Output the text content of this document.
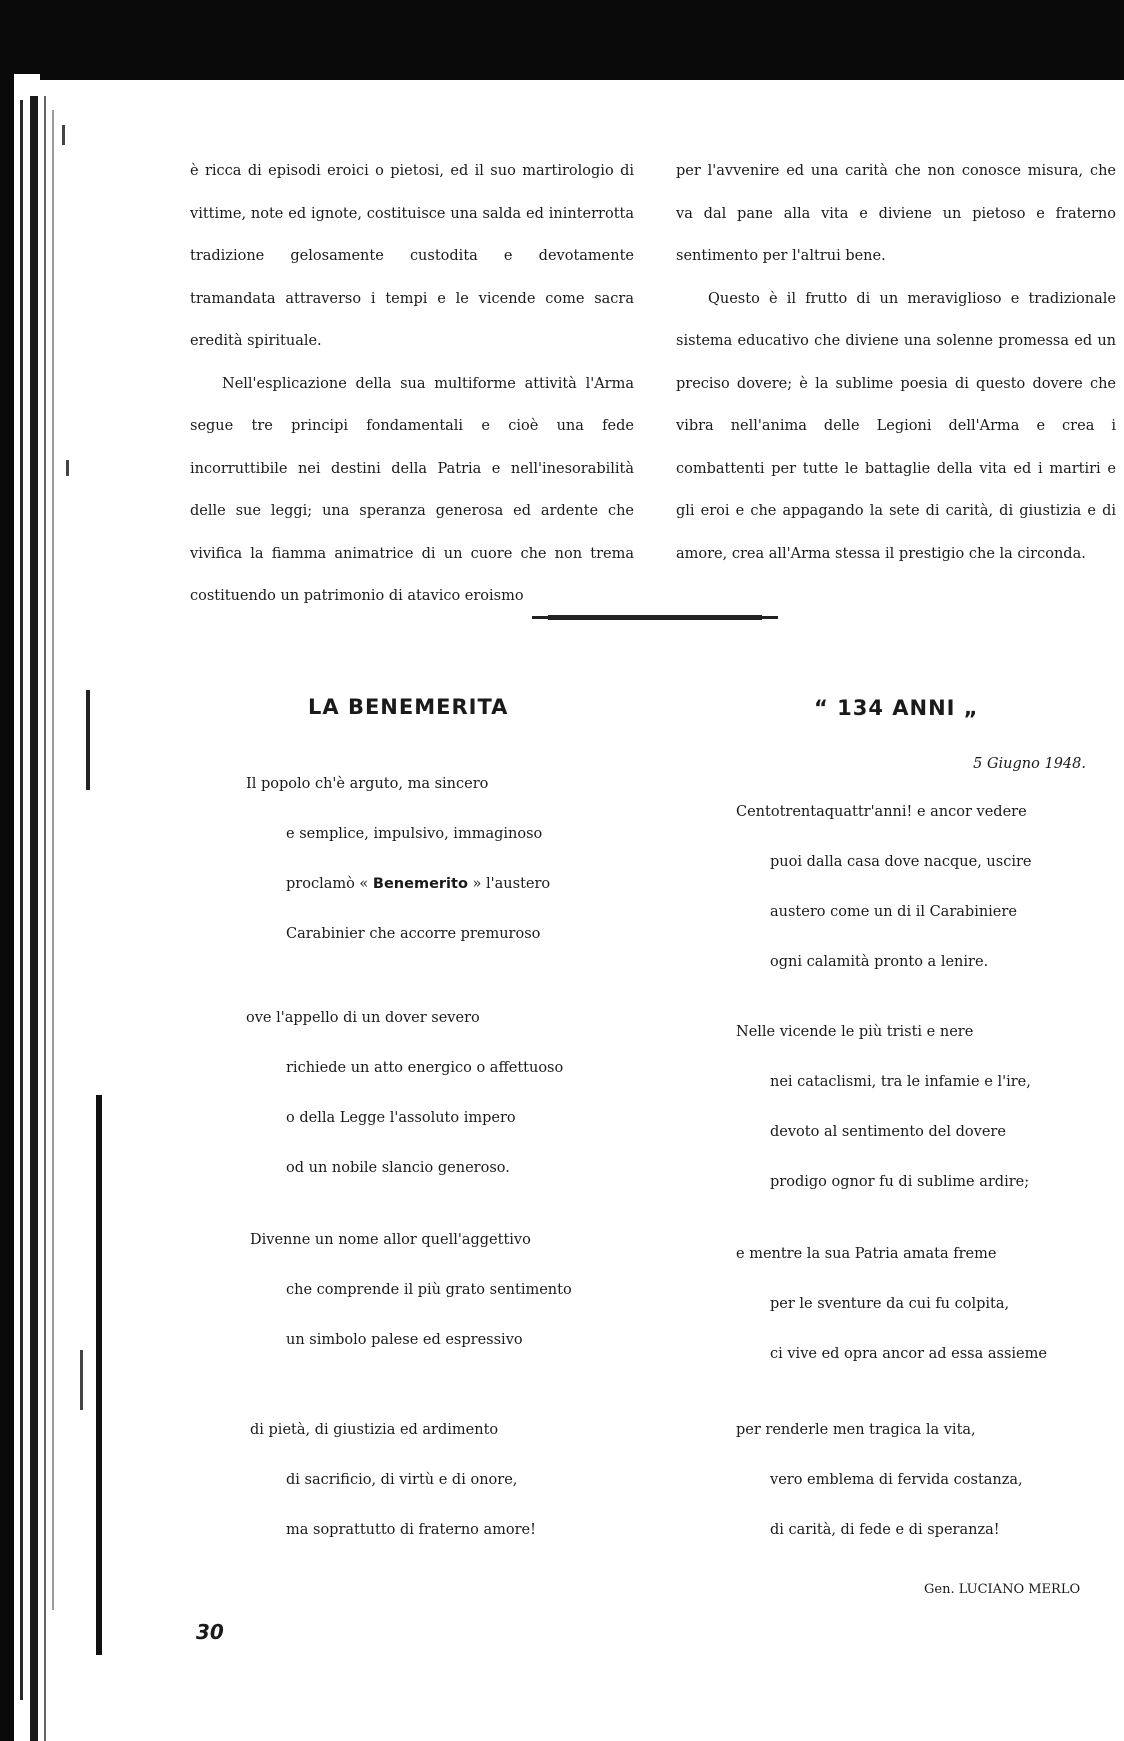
è ricca di episodi eroici o pietosi, ed il suo martirologio di vittime, note ed ignote, costituisce una salda ed ininterrotta tradizione gelosamente custodita e devotamente tramandata attraverso i tempi e le vicende come sacra eredità spirituale.

Nell'esplicazione della sua multiforme attività l'Arma segue tre principi fondamentali e cioè una fede incorruttibile nei destini della Patria e nell'inesorabilità delle sue leggi; una speranza generosa ed ardente che vivifica la fiamma animatrice di un cuore che non trema costituendo un patrimonio di atavico eroismo

per l'avvenire ed una carità che non conosce misura, che va dal pane alla vita e diviene un pietoso e fraterno sentimento per l'altrui bene.

Questo è il frutto di un meraviglioso e tradizionale sistema educativo che diviene una solenne promessa ed un preciso dovere; è la sublime poesia di questo dovere che vibra nell'anima delle Legioni dell'Arma e crea i combattenti per tutte le battaglie della vita ed i martiri e gli eroi e che appagando la sete di carità, di giustizia e di amore, crea all'Arma stessa il prestigio che la circonda.

LA BENEMERITA
Il popolo ch'è arguto, ma sincero
e semplice, impulsivo, immaginoso
proclamò « Benemerito » l'austero
Carabinier che accorre premuroso
ove l'appello di un dover severo
richiede un atto energico o affettuoso
o della Legge l'assoluto impero
od un nobile slancio generoso.
Divenne un nome allor quell'aggettivo
che comprende il più grato sentimento
un simbolo palese ed espressivo
di pietà, di giustizia ed ardimento
di sacrificio, di virtù e di onore,
ma soprattutto di fraterno amore!
“ 134 ANNI „
5 Giugno 1948.
Centotrentaquattr'anni! e ancor vedere
puoi dalla casa dove nacque, uscire
austero come un di il Carabiniere
ogni calamità pronto a lenire.
Nelle vicende le più tristi e nere
nei cataclismi, tra le infamie e l'ire,
devoto al sentimento del dovere
prodigo ognor fu di sublime ardire;
e mentre la sua Patria amata freme
per le sventure da cui fu colpita,
ci vive ed opra ancor ad essa assieme
per renderle men tragica la vita,
vero emblema di fervida costanza,
di carità, di fede e di speranza!
Gen. LUCIANO MERLO
30
